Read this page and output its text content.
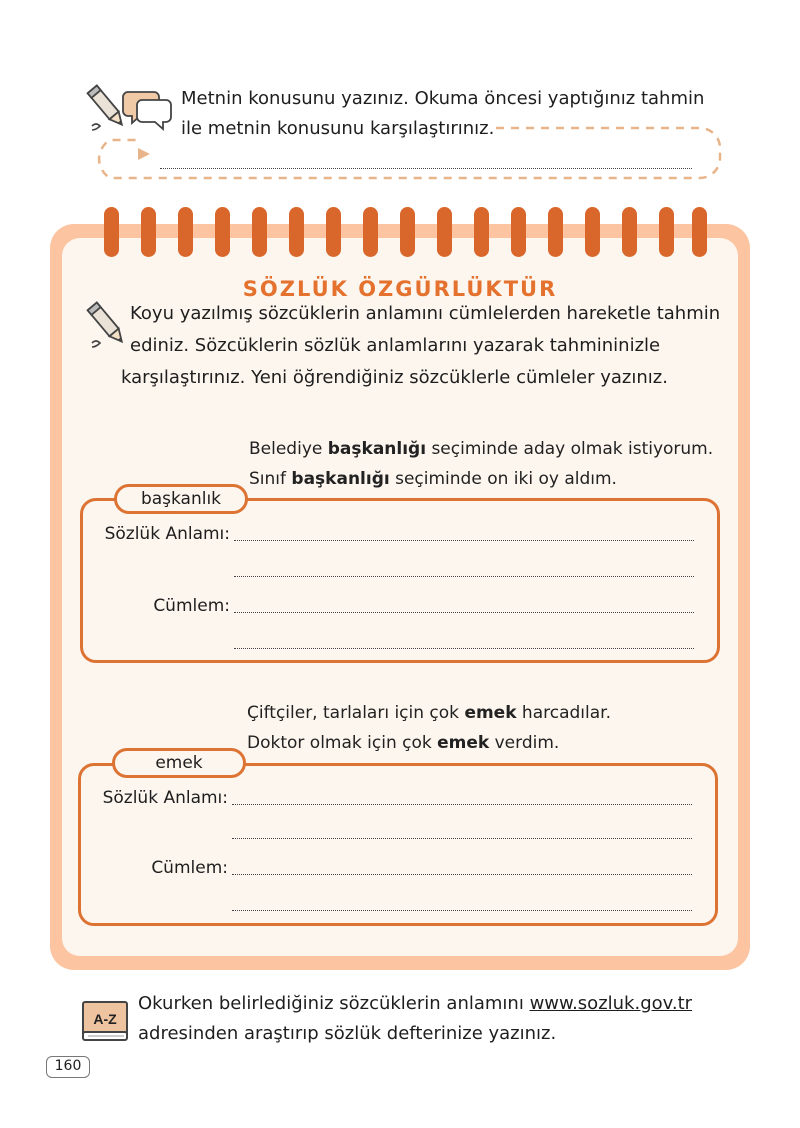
Metnin konusunu yazınız. Okuma öncesi yaptığınız tahmin
ile metnin konusunu karşılaştırınız.
SÖZLÜK ÖZGÜRLÜKTÜR
Koyu yazılmış sözcüklerin anlamını cümlelerden hareketle tahmin
ediniz. Sözcüklerin sözlük anlamlarını yazarak tahmininizle
karşılaştırınız. Yeni öğrendiğiniz sözcüklerle cümleler yazınız.
Belediye başkanlığı seçiminde aday olmak istiyorum.
Sınıf başkanlığı seçiminde on iki oy aldım.
başkanlık
Sözlük Anlamı:
Cümlem:
Çiftçiler, tarlaları için çok emek harcadılar.
Doktor olmak için çok emek verdim.
emek
Sözlük Anlamı:
Cümlem:
A-Z
Okurken belirlediğiniz sözcüklerin anlamını www.sozluk.gov.tr
adresinden araştırıp sözlük defterinize yazınız.
160
